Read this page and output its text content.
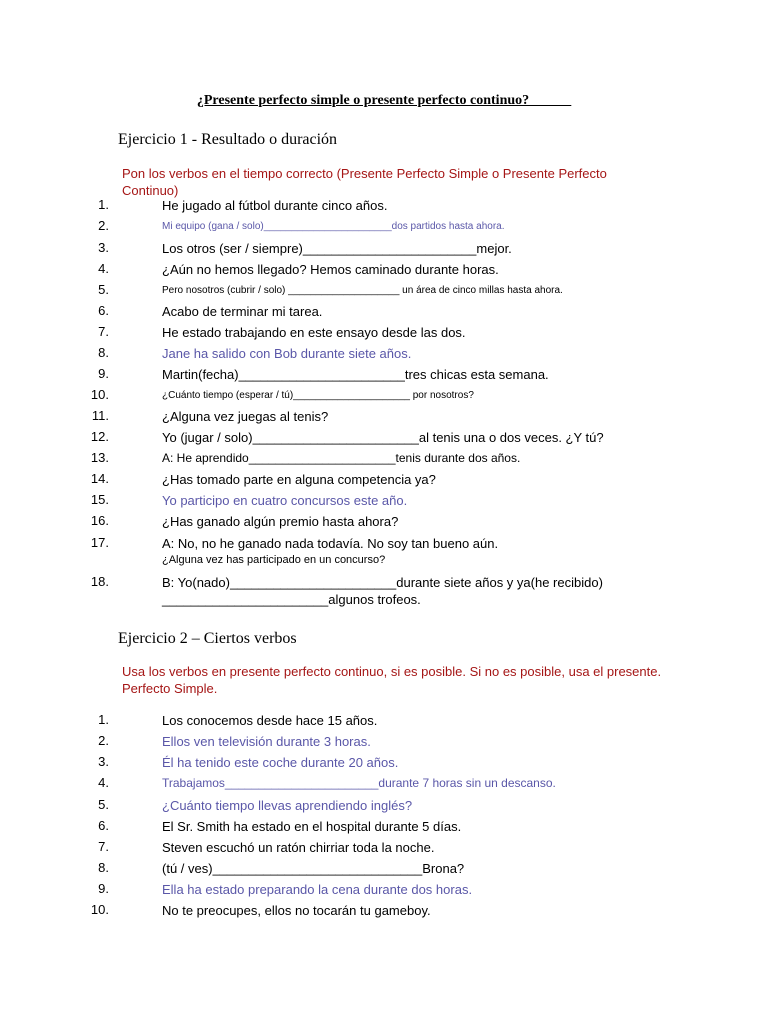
¿Presente perfecto simple o presente perfecto continuo?______
Ejercicio 1 - Resultado o duración
Pon los verbos en el tiempo correcto (Presente Perfecto Simple o Presente Perfecto Continuo)
1.	He jugado al fútbol durante cinco años.
2.	Mi equipo (gana / solo)_______________________dos partidos hasta ahora.
3.	Los otros (ser / siempre)________________________mejor.
4.	¿Aún no hemos llegado? Hemos caminado durante horas.
5.	Pero nosotros (cubrir / solo) ____________________ un área de cinco millas hasta ahora.
6.	Acabo de terminar mi tarea.
7.	He estado trabajando en este ensayo desde las dos.
8.	Jane ha salido con Bob durante siete años.
9.	Martin(fecha)_______________________tres chicas esta semana.
10.	¿Cuánto tiempo (esperar / tú)_____________________ por nosotros?
11.	¿Alguna vez juegas al tenis?
12.	Yo (jugar / solo)_______________________al tenis una o dos veces. ¿Y tú?
13.	A: He aprendido______________________tenis durante dos años.
14.	¿Has tomado parte en alguna competencia ya?
15.	Yo participo en cuatro concursos este año.
16.	¿Has ganado algún premio hasta ahora?
17.	A: No, no he ganado nada todavía. No soy tan bueno aún.
¿Alguna vez has participado en un concurso?
18.	B: Yo(nado)_______________________durante siete años y ya(he recibido)
_______________________algunos trofeos.
Ejercicio 2 – Ciertos verbos
Usa los verbos en presente perfecto continuo, si es posible. Si no es posible, usa el presente. Perfecto Simple.
1.	Los conocemos desde hace 15 años.
2.	Ellos ven televisión durante 3 horas.
3.	Él ha tenido este coche durante 20 años.
4.	Trabajamos_______________________durante 7 horas sin un descanso.
5.	¿Cuánto tiempo llevas aprendiendo inglés?
6.	El Sr. Smith ha estado en el hospital durante 5 días.
7.	Steven escuchó un ratón chirriar toda la noche.
8.	(tú / ves)_____________________________Brona?
9.	Ella ha estado preparando la cena durante dos horas.
10.	No te preocupes, ellos no tocarán tu gameboy.
